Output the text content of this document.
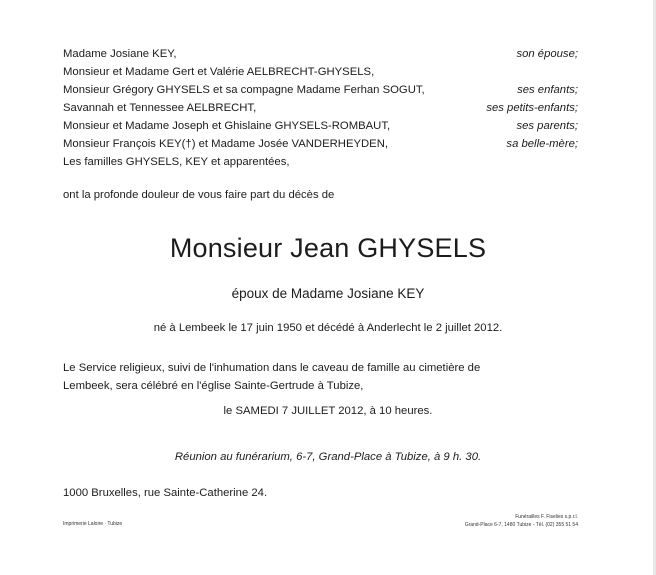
Madame Josiane KEY,	son épouse;
Monsieur et Madame Gert et Valérie AELBRECHT-GHYSELS,
Monsieur Grégory GHYSELS et sa compagne Madame Ferhan SOGUT,	ses enfants;
Savannah et Tennessee AELBRECHT,	ses petits-enfants;
Monsieur et Madame Joseph et Ghislaine GHYSELS-ROMBAUT,	ses parents;
Monsieur François KEY(†) et Madame Josée VANDERHEYDEN,	sa belle-mère;
Les familles GHYSELS, KEY et apparentées,
ont la profonde douleur de vous faire part du décès de
Monsieur Jean GHYSELS
époux de Madame Josiane KEY
né à Lembeek le 17 juin 1950 et décédé à Anderlecht le 2 juillet 2012.
Le Service religieux, suivi de l'inhumation dans le caveau de famille au cimetière de
Lembeek, sera célébré en l'église Sainte-Gertrude à Tubize,
le SAMEDI 7 JUILLET 2012, à 10 heures.
Réunion au funérarium, 6-7, Grand-Place à Tubize, à 9 h. 30.
1000 Bruxelles, rue Sainte-Catherine 24.
Imprimerie Laloire · Tubize
Funérailles F. Fiselies s.p.r.l.
Grand-Place 6-7, 1480 Tubize - Tél. (02) 355 51 54
